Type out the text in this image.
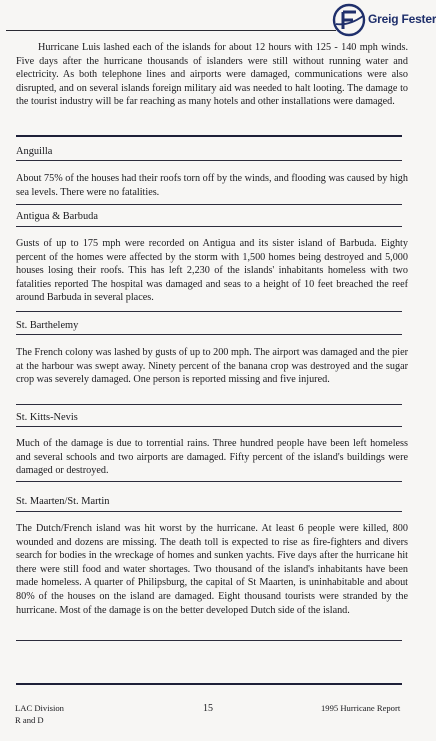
Greig Fester

Hurricane Luis lashed each of the islands for about 12 hours with 125 - 140 mph winds. Five days after the hurricane thousands of islanders were still without running water and electricity. As both telephone lines and airports were damaged, communications were also disrupted, and on several islands foreign military aid was needed to halt looting. The damage to the tourist industry will be far reaching as many hotels and other installations were damaged.

Anguilla

About 75% of the houses had their roofs torn off by the winds, and flooding was caused by high sea levels. There were no fatalities.

Antigua & Barbuda

Gusts of up to 175 mph were recorded on Antigua and its sister island of Barbuda. Eighty percent of the homes were affected by the storm with 1,500 homes being destroyed and 5,000 houses losing their roofs. This has left 2,230 of the islands' inhabitants homeless with two fatalities reported The hospital was damaged and seas to a height of 10 feet breached the reef around Barbuda in several places.

St. Barthelemy

The French colony was lashed by gusts of up to 200 mph. The airport was damaged and the pier at the harbour was swept away. Ninety percent of the banana crop was destroyed and the sugar crop was severely damaged. One person is reported missing and five injured.

St. Kitts-Nevis

Much of the damage is due to torrential rains. Three hundred people have been left homeless and several schools and two airports are damaged. Fifty percent of the island's buildings were damaged or destroyed.

St. Maarten/St. Martin

The Dutch/French island was hit worst by the hurricane. At least 6 people were killed, 800 wounded and dozens are missing. The death toll is expected to rise as fire-fighters and divers search for bodies in the wreckage of homes and sunken yachts. Five days after the hurricane hit there were still food and water shortages. Two thousand of the island's inhabitants have been made homeless. A quarter of Philipsburg, the capital of St Maarten, is uninhabitable and about 80% of the houses on the island are damaged. Eight thousand tourists were stranded by the hurricane. Most of the damage is on the better developed Dutch side of the island.

LAC Division
R and D
15	1995 Hurricane Report
